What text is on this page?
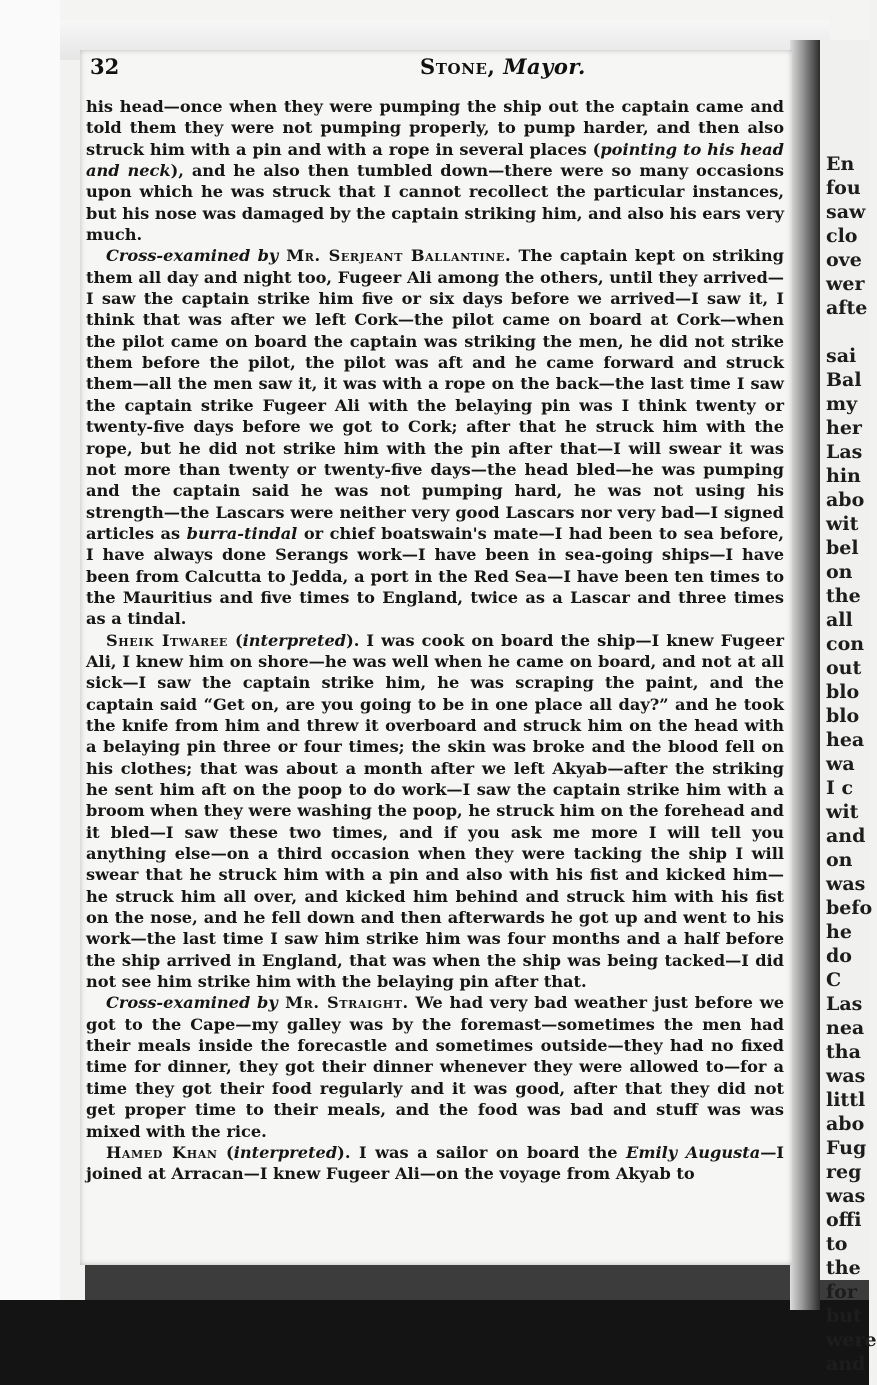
En
fou
saw
clo
ove
wer
afte
sai
Bal
my
her
Las
hin
abo
wit
bel
on
the
all
con
out
blo
blo
hea
wa
I c
wit
and
on
was
befo
he
do
C
Las
nea
tha
was
littl
abo
Fug
reg
was
offi
to
the
for
but
were
and
32	Stone, Mayor.

his head—once when they were pumping the ship out the captain came and told them they were not pumping properly, to pump harder, and then also struck him with a pin and with a rope in several places (pointing to his head and neck), and he also then tumbled down—there were so many occasions upon which he was struck that I cannot recollect the particular instances, but his nose was damaged by the captain striking him, and also his ears very much.

Cross-examined by Mr. Serjeant Ballantine. The captain kept on striking them all day and night too, Fugeer Ali among the others, until they arrived—I saw the captain strike him five or six days before we arrived—I saw it, I think that was after we left Cork—the pilot came on board at Cork—when the pilot came on board the captain was striking the men, he did not strike them before the pilot, the pilot was aft and he came forward and struck them—all the men saw it, it was with a rope on the back—the last time I saw the captain strike Fugeer Ali with the belaying pin was I think twenty or twenty-five days before we got to Cork; after that he struck him with the rope, but he did not strike him with the pin after that—I will swear it was not more than twenty or twenty-five days—the head bled—he was pumping and the captain said he was not pumping hard, he was not using his strength—the Lascars were neither very good Lascars nor very bad—I signed articles as burra-tindal or chief boatswain's mate—I had been to sea before, I have always done Serangs work—I have been in sea-going ships—I have been from Calcutta to Jedda, a port in the Red Sea—I have been ten times to the Mauritius and five times to England, twice as a Lascar and three times as a tindal.

Sheik Itwaree (interpreted). I was cook on board the ship—I knew Fugeer Ali, I knew him on shore—he was well when he came on board, and not at all sick—I saw the captain strike him, he was scraping the paint, and the captain said “Get on, are you going to be in one place all day?” and he took the knife from him and threw it overboard and struck him on the head with a belaying pin three or four times; the skin was broke and the blood fell on his clothes; that was about a month after we left Akyab—after the striking he sent him aft on the poop to do work—I saw the captain strike him with a broom when they were washing the poop, he struck him on the forehead and it bled—I saw these two times, and if you ask me more I will tell you anything else—on a third occasion when they were tacking the ship I will swear that he struck him with a pin and also with his fist and kicked him—he struck him all over, and kicked him behind and struck him with his fist on the nose, and he fell down and then afterwards he got up and went to his work—the last time I saw him strike him was four months and a half before the ship arrived in England, that was when the ship was being tacked—I did not see him strike him with the belaying pin after that.

Cross-examined by Mr. Straight. We had very bad weather just before we got to the Cape—my galley was by the foremast—sometimes the men had their meals inside the forecastle and sometimes outside—they had no fixed time for dinner, they got their dinner whenever they were allowed to—for a time they got their food regularly and it was good, after that they did not get proper time to their meals, and the food was bad and stuff was was mixed with the rice.

Hamed Khan (interpreted). I was a sailor on board the Emily Augusta—I joined at Arracan—I knew Fugeer Ali—on the voyage from Akyab to
